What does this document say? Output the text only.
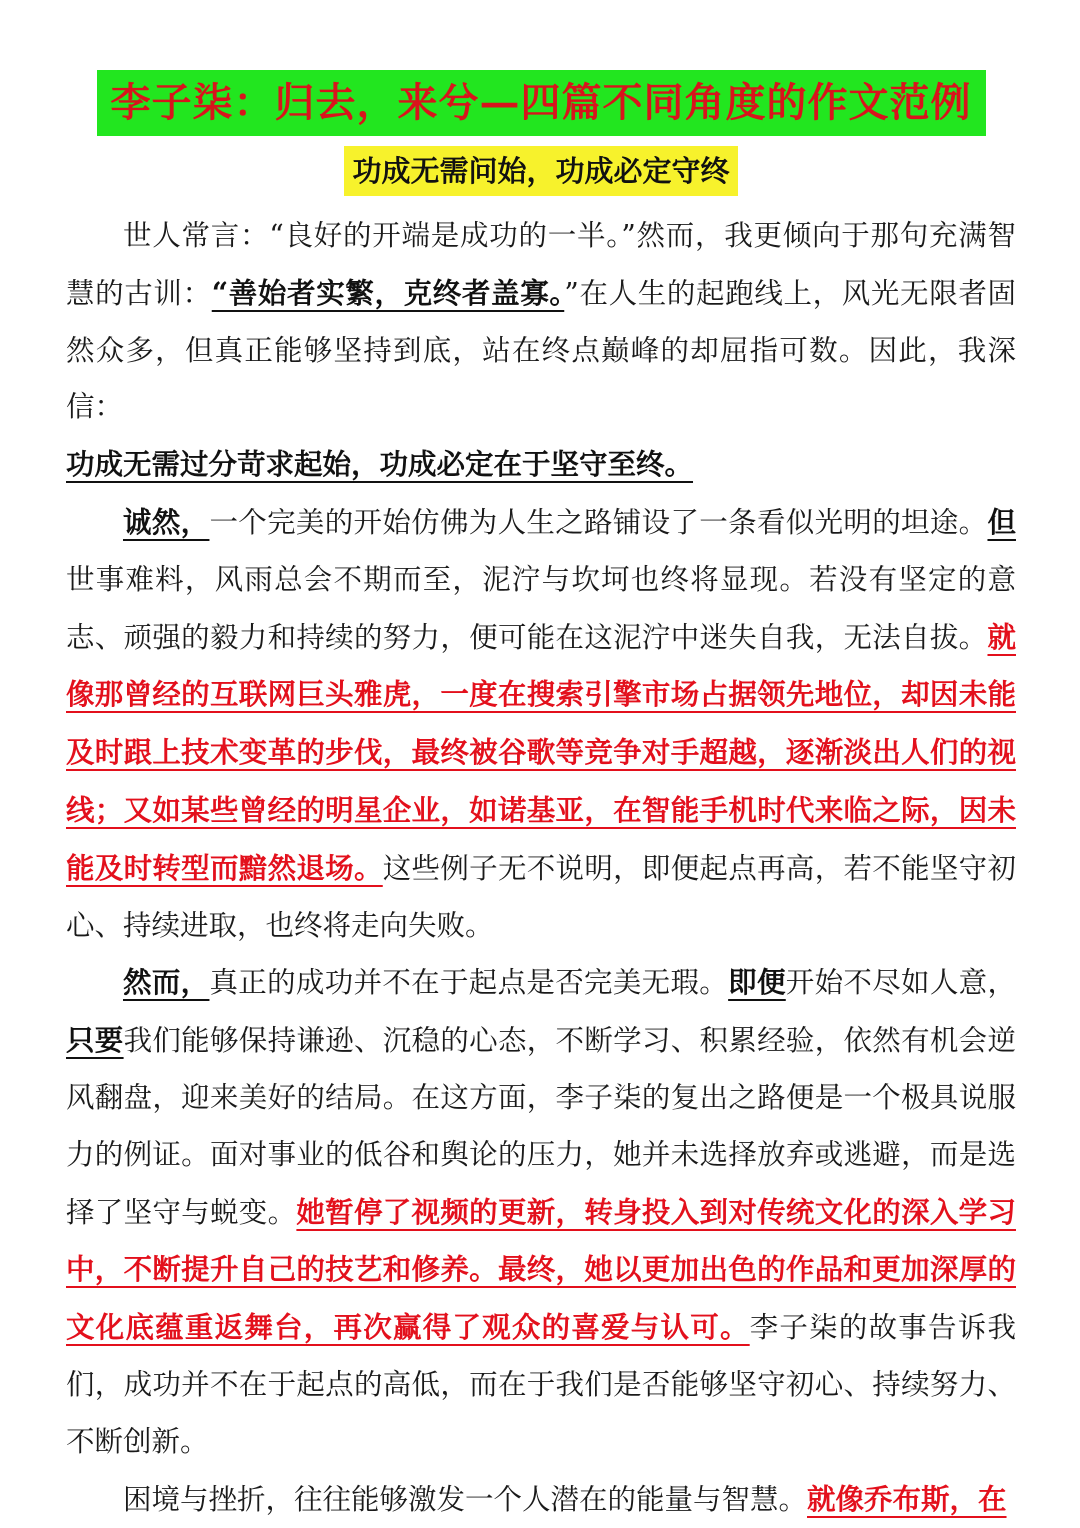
李子柒：归去，来兮—四篇不同角度的作文范例
功成无需问始，功成必定守终

世人常言：“良好的开端是成功的一半。”然而，我更倾向于那句充满智慧的古训：“善始者实繁，克终者盖寡。”在人生的起跑线上，风光无限者固然众多，但真正能够坚持到底，站在终点巅峰的却屈指可数。因此，我深信：
功成无需过分苛求起始，功成必定在于坚守至终。

诚然，一个完美的开始仿佛为人生之路铺设了一条看似光明的坦途。但世事难料，风雨总会不期而至，泥泞与坎坷也终将显现。若没有坚定的意志、顽强的毅力和持续的努力，便可能在这泥泞中迷失自我，无法自拔。就像那曾经的互联网巨头雅虎，一度在搜索引擎市场占据领先地位，却因未能及时跟上技术变革的步伐，最终被谷歌等竞争对手超越，逐渐淡出人们的视线；又如某些曾经的明星企业，如诺基亚，在智能手机时代来临之际，因未能及时转型而黯然退场。这些例子无不说明，即便起点再高，若不能坚守初心、持续进取，也终将走向失败。

然而，真正的成功并不在于起点是否完美无瑕。即便开始不尽如人意，只要我们能够保持谦逊、沉稳的心态，不断学习、积累经验，依然有机会逆风翻盘，迎来美好的结局。在这方面，李子柒的复出之路便是一个极具说服力的例证。面对事业的低谷和舆论的压力，她并未选择放弃或逃避，而是选择了坚守与蜕变。她暂停了视频的更新，转身投入到对传统文化的深入学习中，不断提升自己的技艺和修养。最终，她以更加出色的作品和更加深厚的文化底蕴重返舞台，再次赢得了观众的喜爱与认可。李子柒的故事告诉我们，成功并不在于起点的高低，而在于我们是否能够坚守初心、持续努力、不断创新。

困境与挫折，往往能够激发一个人潜在的能量与智慧。就像乔布斯，在
